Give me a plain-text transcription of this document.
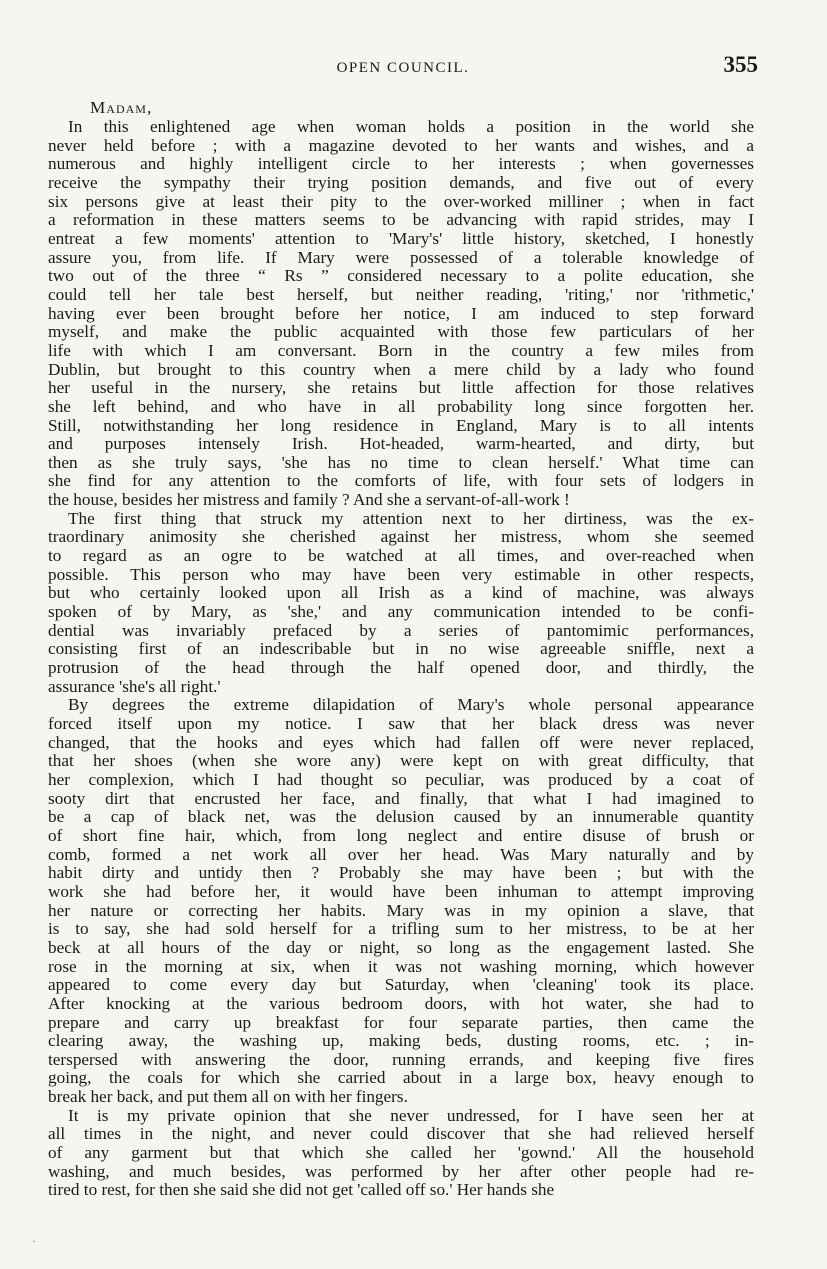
OPEN COUNCIL.	355
Madam,
In this enlightened age when woman holds a position in the world she
never held before ; with a magazine devoted to her wants and wishes, and a
numerous and highly intelligent circle to her interests ; when governesses
receive the sympathy their trying position demands, and five out of every
six persons give at least their pity to the over-worked milliner ; when in fact
a reformation in these matters seems to be advancing with rapid strides, may I
entreat a few moments' attention to 'Mary's' little history, sketched, I honestly
assure you, from life. If Mary were possessed of a tolerable knowledge of
two out of the three “ Rs ” considered necessary to a polite education, she
could tell her tale best herself, but neither reading, 'riting,' nor 'rithmetic,'
having ever been brought before her notice, I am induced to step forward
myself, and make the public acquainted with those few particulars of her
life with which I am conversant. Born in the country a few miles from
Dublin, but brought to this country when a mere child by a lady who found
her useful in the nursery, she retains but little affection for those relatives
she left behind, and who have in all probability long since forgotten her.
Still, notwithstanding her long residence in England, Mary is to all intents
and purposes intensely Irish. Hot-headed, warm-hearted, and dirty, but
then as she truly says, 'she has no time to clean herself.' What time can
she find for any attention to the comforts of life, with four sets of lodgers in
the house, besides her mistress and family ? And she a servant-of-all-work !
The first thing that struck my attention next to her dirtiness, was the ex-
traordinary animosity she cherished against her mistress, whom she seemed
to regard as an ogre to be watched at all times, and over-reached when
possible. This person who may have been very estimable in other respects,
but who certainly looked upon all Irish as a kind of machine, was always
spoken of by Mary, as 'she,' and any communication intended to be confi-
dential was invariably prefaced by a series of pantomimic performances,
consisting first of an indescribable but in no wise agreeable sniffle, next a
protrusion of the head through the half opened door, and thirdly, the
assurance 'she's all right.'
By degrees the extreme dilapidation of Mary's whole personal appearance
forced itself upon my notice. I saw that her black dress was never
changed, that the hooks and eyes which had fallen off were never replaced,
that her shoes (when she wore any) were kept on with great difficulty, that
her complexion, which I had thought so peculiar, was produced by a coat of
sooty dirt that encrusted her face, and finally, that what I had imagined to
be a cap of black net, was the delusion caused by an innumerable quantity
of short fine hair, which, from long neglect and entire disuse of brush or
comb, formed a net work all over her head. Was Mary naturally and by
habit dirty and untidy then ? Probably she may have been ; but with the
work she had before her, it would have been inhuman to attempt improving
her nature or correcting her habits. Mary was in my opinion a slave, that
is to say, she had sold herself for a trifling sum to her mistress, to be at her
beck at all hours of the day or night, so long as the engagement lasted. She
rose in the morning at six, when it was not washing morning, which however
appeared to come every day but Saturday, when 'cleaning' took its place.
After knocking at the various bedroom doors, with hot water, she had to
prepare and carry up breakfast for four separate parties, then came the
clearing away, the washing up, making beds, dusting rooms, etc. ; in-
terspersed with answering the door, running errands, and keeping five fires
going, the coals for which she carried about in a large box, heavy enough to
break her back, and put them all on with her fingers.
It is my private opinion that she never undressed, for I have seen her at
all times in the night, and never could discover that she had relieved herself
of any garment but that which she called her 'gownd.' All the household
washing, and much besides, was performed by her after other people had re-
tired to rest, for then she said she did not get 'called off so.' Her hands she
·
